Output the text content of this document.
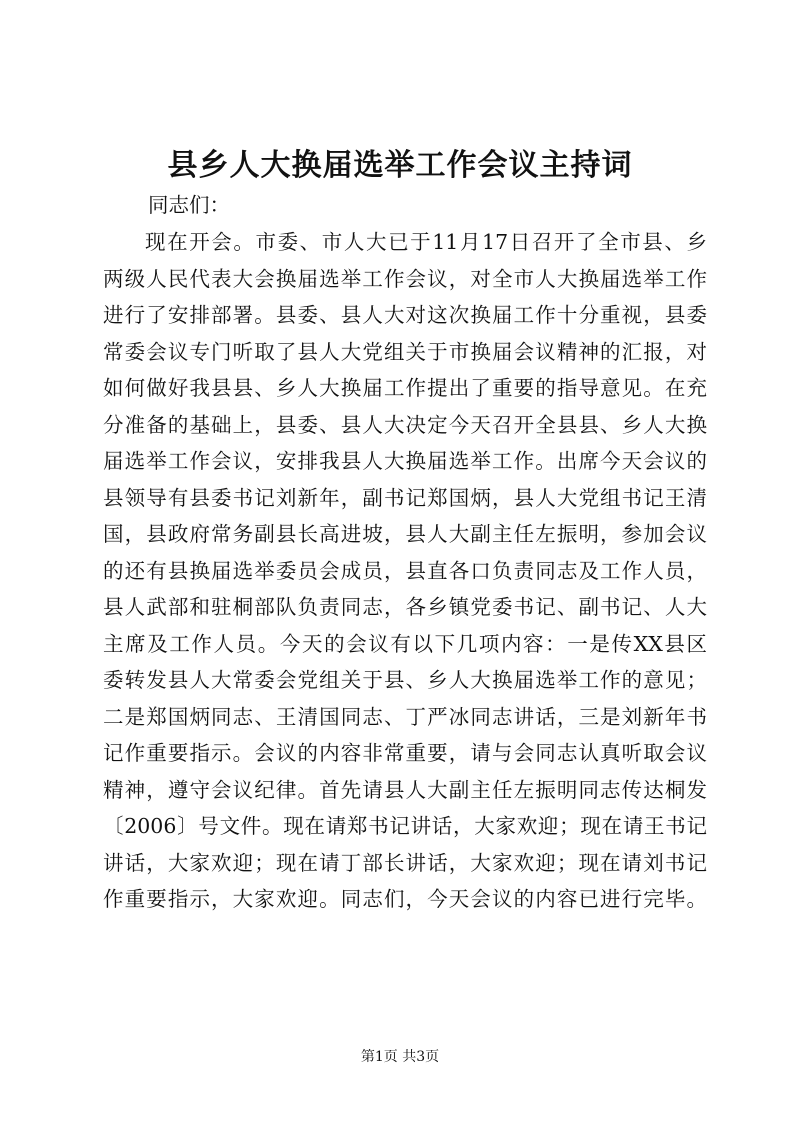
县乡人大换届选举工作会议主持词

同志们：

现在开会。市委、市人大已于11月17日召开了全市县、乡
两级人民代表大会换届选举工作会议，对全市人大换届选举工作
进行了安排部署。县委、县人大对这次换届工作十分重视，县委
常委会议专门听取了县人大党组关于市换届会议精神的汇报，对
如何做好我县县、乡人大换届工作提出了重要的指导意见。在充
分准备的基础上，县委、县人大决定今天召开全县县、乡人大换
届选举工作会议，安排我县人大换届选举工作。出席今天会议的
县领导有县委书记刘新年，副书记郑国炳，县人大党组书记王清
国，县政府常务副县长高进坡，县人大副主任左振明，参加会议
的还有县换届选举委员会成员，县直各口负责同志及工作人员，
县人武部和驻桐部队负责同志，各乡镇党委书记、副书记、人大
主席及工作人员。今天的会议有以下几项内容：一是传XX县区
委转发县人大常委会党组关于县、乡人大换届选举工作的意见；
二是郑国炳同志、王清国同志、丁严冰同志讲话，三是刘新年书
记作重要指示。会议的内容非常重要，请与会同志认真听取会议
精神，遵守会议纪律。首先请县人大副主任左振明同志传达桐发
〔2006〕号文件。现在请郑书记讲话，大家欢迎；现在请王书记
讲话，大家欢迎；现在请丁部长讲话，大家欢迎；现在请刘书记
作重要指示，大家欢迎。同志们，今天会议的内容已进行完毕。

第1页 共3页
